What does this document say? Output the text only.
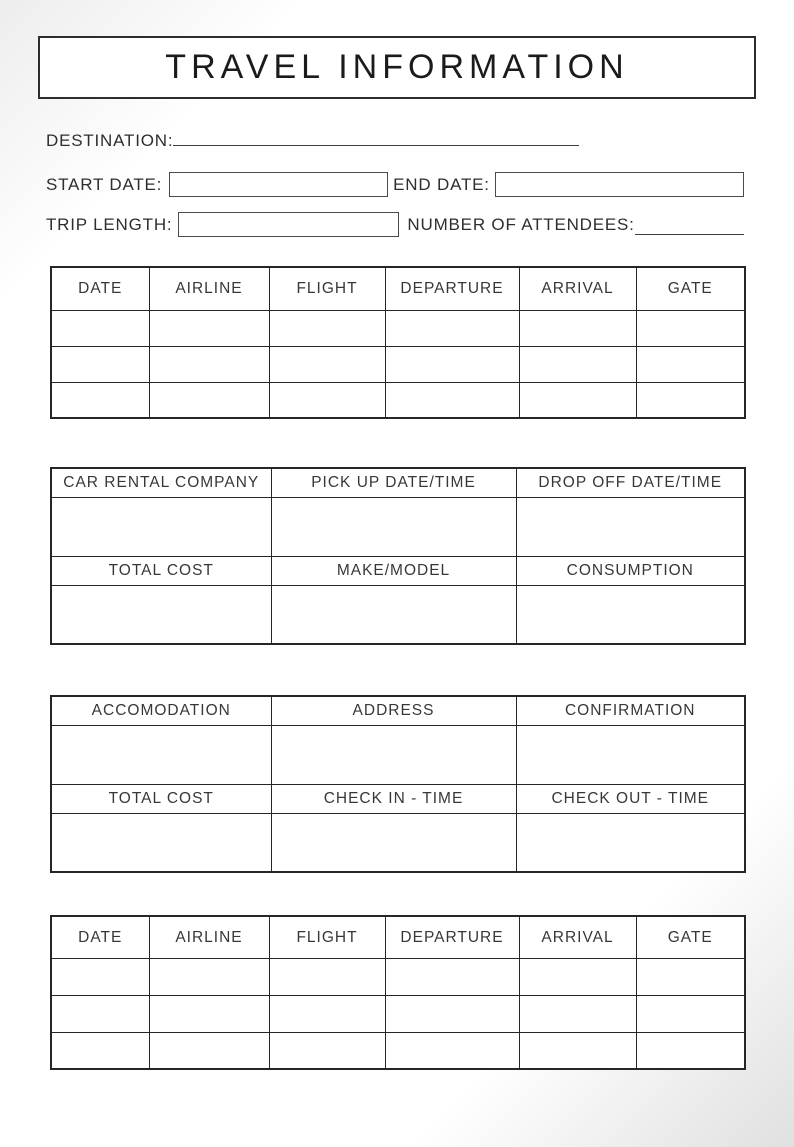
TRAVEL INFORMATION
DESTINATION:
START DATE:	END DATE:
TRIP LENGTH:	NUMBER OF ATTENDEES:
DATE	AIRLINE	FLIGHT	DEPARTURE	ARRIVAL	GATE

CAR RENTAL COMPANY	PICK UP DATE/TIME	DROP OFF DATE/TIME

TOTAL COST	MAKE/MODEL	CONSUMPTION

ACCOMODATION	ADDRESS	CONFIRMATION

TOTAL COST	CHECK IN - TIME	CHECK OUT - TIME

DATE	AIRLINE	FLIGHT	DEPARTURE	ARRIVAL	GATE
